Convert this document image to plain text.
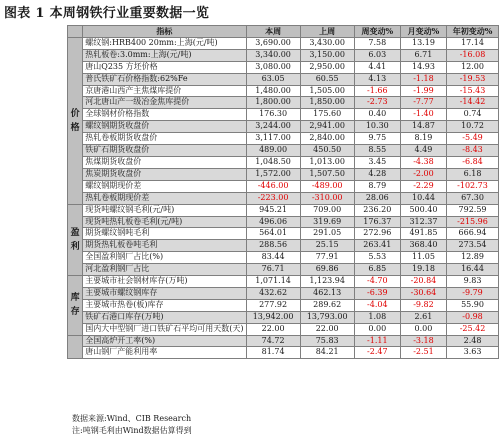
图表 1 本周钢铁行业重要数据一览
	指标	本周	上周	周变动%	月变动%	年初变动%
价
格	螺纹钢:HRB400 20mm:上海(元/吨)	3,690.00	3,430.00	7.58	13.19	17.14
	热轧板卷:3.0mm:上海(元/吨)	3,340.00	3,150.00	6.03	6.71	-16.08
	唐山Q235 方坯价格	3,080.00	2,950.00	4.41	14.93	12.00
	普氏铁矿石价格指数:62%Fe	63.05	60.55	4.13	-1.18	-19.53
	京唐港山西产主焦煤库提价	1,480.00	1,505.00	-1.66	-1.99	-15.43
	河北唐山产一级冶金焦库提价	1,800.00	1,850.00	-2.73	-7.77	-14.42
	全球钢材价格指数	176.30	175.60	0.40	-1.40	0.74
	螺纹钢期货收盘价	3,244.00	2,941.00	10.30	14.87	10.72
	热轧卷板期货收盘价	3,117.00	2,840.00	9.75	8.19	-5.49
	铁矿石期货收盘价	489.00	450.50	8.55	4.49	-8.43
	焦煤期货收盘价	1,048.50	1,013.00	3.45	-4.38	-6.84
	焦炭期货收盘价	1,572.00	1,507.50	4.28	-2.00	6.18
	螺纹钢期现价差	-446.00	-489.00	8.79	-2.29	-102.73
	热轧卷板期现价差	-223.00	-310.00	28.06	10.44	67.30
盈
利	现货吨螺纹钢毛利(元/吨)	945.21	709.00	236.20	500.40	792.59
	现货吨热轧板卷毛利(元/吨)	496.06	319.69	176.37	312.37	-215.96
	期货螺纹钢吨毛利	564.01	291.05	272.96	491.85	666.94
	期货热轧板卷吨毛利	288.56	25.15	263.41	368.40	273.54
	全国盈利钢厂占比(%)	83.44	77.91	5.53	11.05	12.89
	河北盈利钢厂占比	76.71	69.86	6.85	19.18	16.44
库
存	主要城市社会钢材库存(万吨)	1,071.14	1,123.94	-4.70	-20.84	9.83
	主要城市螺纹钢库存	432.62	462.13	-6.39	-30.64	-9.79
	主要城市热卷(板)库存	277.92	289.62	-4.04	-9.82	55.90
	铁矿石港口库存(万吨)	13,942.00	13,793.00	1.08	2.61	-0.98
	国内大中型钢厂进口铁矿石平均可用天数(天)	22.00	22.00	0.00	0.00	-25.42
	全国高炉开工率(%)	74.72	75.83	-1.11	-3.18	2.48
	唐山钢厂产能利用率	81.74	84.21	-2.47	-2.51	3.63
数据来源:Wind、CIB Research
注:吨钢毛利由Wind数据估算得到
